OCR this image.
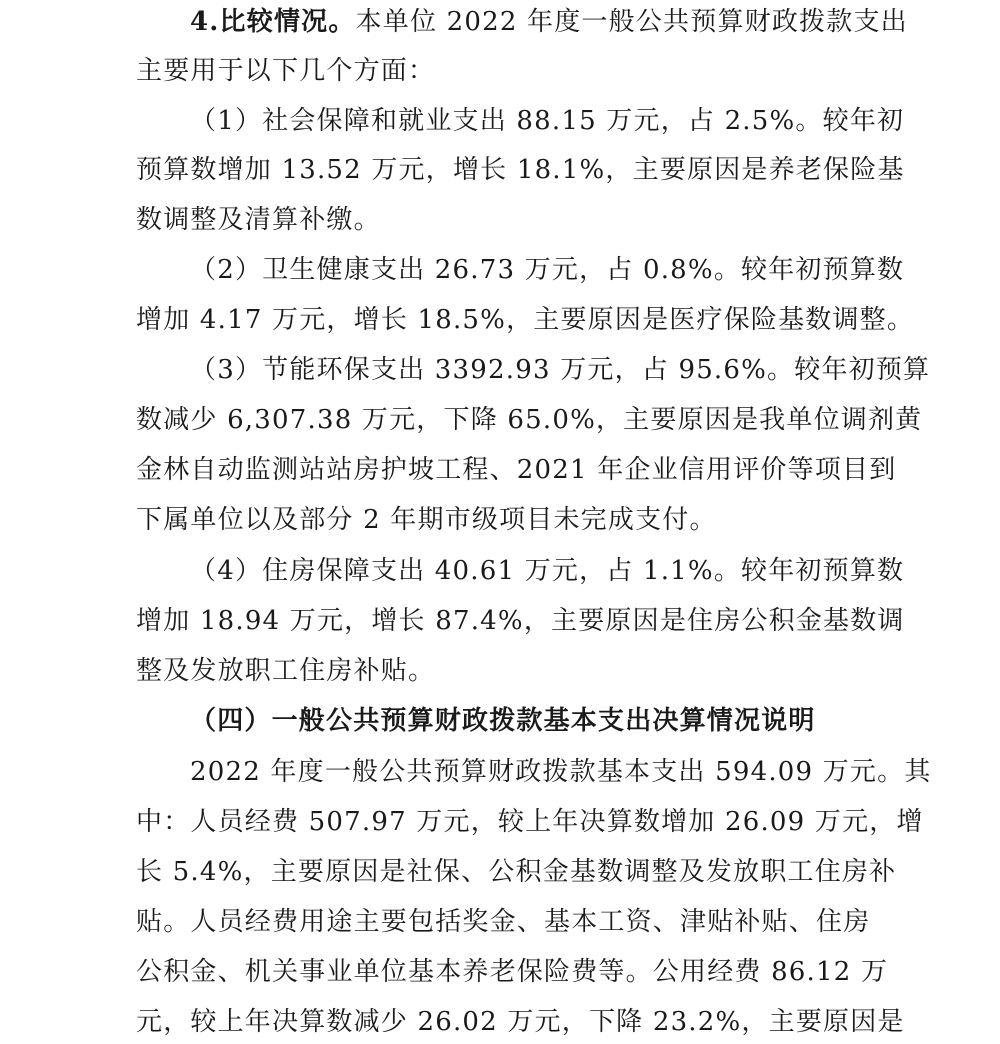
4.比较情况。本单位 2022 年度一般公共预算财政拨款支出
主要用于以下几个方面：
（1）社会保障和就业支出 88.15 万元，占 2.5%。较年初
预算数增加 13.52 万元，增长 18.1%，主要原因是养老保险基
数调整及清算补缴。
（2）卫生健康支出 26.73 万元，占 0.8%。较年初预算数
增加 4.17 万元，增长 18.5%，主要原因是医疗保险基数调整。
（3）节能环保支出 3392.93 万元，占 95.6%。较年初预算
数减少 6,307.38 万元，下降 65.0%，主要原因是我单位调剂黄
金林自动监测站站房护坡工程、2021 年企业信用评价等项目到
下属单位以及部分 2 年期市级项目未完成支付。
（4）住房保障支出 40.61 万元，占 1.1%。较年初预算数
增加 18.94 万元，增长 87.4%，主要原因是住房公积金基数调
整及发放职工住房补贴。
（四）一般公共预算财政拨款基本支出决算情况说明
2022 年度一般公共预算财政拨款基本支出 594.09 万元。其
中：人员经费 507.97 万元，较上年决算数增加 26.09 万元，增
长 5.4%，主要原因是社保、公积金基数调整及发放职工住房补
贴。人员经费用途主要包括奖金、基本工资、津贴补贴、住房
公积金、机关事业单位基本养老保险费等。公用经费 86.12 万
元，较上年决算数减少 26.02 万元，下降 23.2%，主要原因是
